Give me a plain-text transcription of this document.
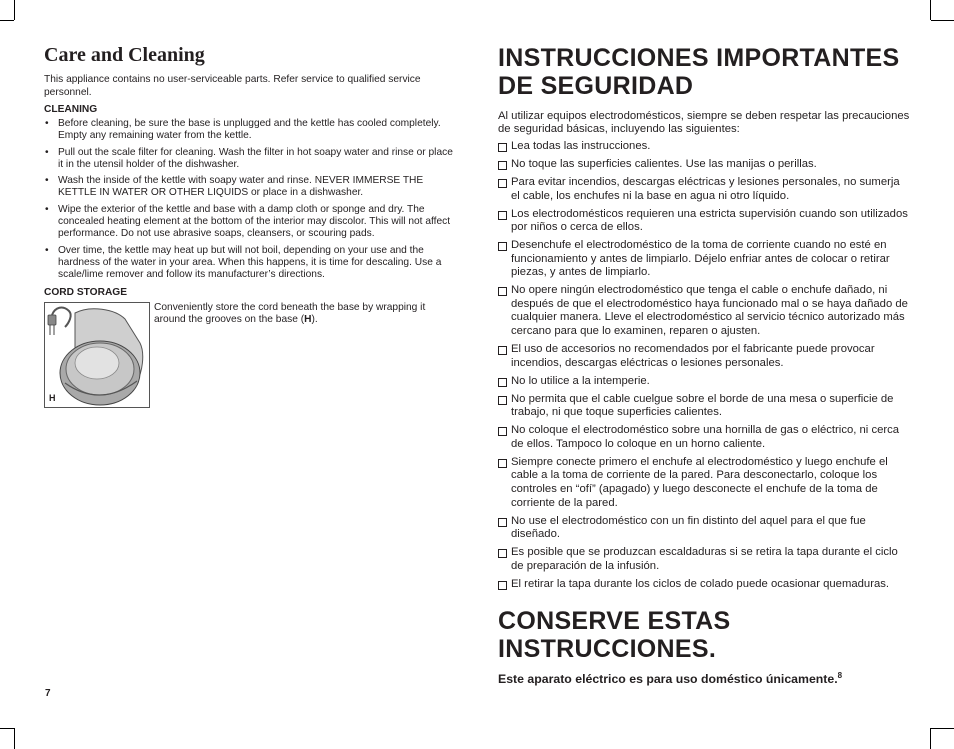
Care and Cleaning

This appliance contains no user-serviceable parts. Refer service to qualified service personnel.

CLEANING
• Before cleaning, be sure the base is unplugged and the kettle has cooled completely. Empty any remaining water from the kettle.
• Pull out the scale filter for cleaning. Wash the filter in hot soapy water and rinse or place it in the utensil holder of the dishwasher.
• Wash the inside of the kettle with soapy water and rinse. NEVER IMMERSE THE KETTLE IN WATER OR OTHER LIQUIDS or place in a dishwasher.
• Wipe the exterior of the kettle and base with a damp cloth or sponge and dry. The concealed heating element at the bottom of the interior may discolor. This will not affect performance. Do not use abrasive soaps, cleansers, or scouring pads.
• Over time, the kettle may heat up but will not boil, depending on your use and the hardness of the water in your area. When this happens, it is time for descaling. Use a scale/lime remover and follow its manufacturer’s directions.
CORD STORAGE
H

Conveniently store the cord beneath the base by wrapping it around the grooves on the base (H).

7
INSTRUCCIONES IMPORTANTES
DE SEGURIDAD

Al utilizar equipos electrodomésticos, siempre se deben respetar las precauciones de seguridad básicas, incluyendo las siguientes:

Lea todas las instrucciones.
No toque las superficies calientes. Use las manijas o perillas.
Para evitar incendios, descargas eléctricas y lesiones personales, no sumerja el cable, los enchufes ni la base en agua ni otro líquido.
Los electrodomésticos requieren una estricta supervisión cuando son utilizados por niños o cerca de ellos.
Desenchufe el electrodoméstico de la toma de corriente cuando no esté en funcionamiento y antes de limpiarlo. Déjelo enfriar antes de colocar o retirar piezas, y antes de limpiarlo.
No opere ningún electrodoméstico que tenga el cable o enchufe dañado, ni después de que el electrodoméstico haya funcionado mal o se haya dañado de cualquier manera. Lleve el electrodoméstico al servicio técnico autorizado más cercano para que lo examinen, reparen o ajusten.
El uso de accesorios no recomendados por el fabricante puede provocar incendios, descargas eléctricas o lesiones personales.
No lo utilice a la intemperie.
No permita que el cable cuelgue sobre el borde de una mesa o superficie de trabajo, ni que toque superficies calientes.
No coloque el electrodoméstico sobre una hornilla de gas o eléctrico, ni cerca de ellos. Tampoco lo coloque en un horno caliente.
Siempre conecte primero el enchufe al electrodoméstico y luego enchufe el cable a la toma de corriente de la pared. Para desconectarlo, coloque los controles en “ofí” (apagado) y luego desconecte el enchufe de la toma de corriente de la pared.
No use el electrodoméstico con un fin distinto del aquel para el que fue diseñado.
Es posible que se produzcan escaldaduras si se retira la tapa durante el ciclo de preparación de la infusión.
El retirar la tapa durante los ciclos de colado puede ocasionar quemaduras.
CONSERVE ESTAS
INSTRUCCIONES.
Este aparato eléctrico es para uso doméstico únicamente.$^8$
